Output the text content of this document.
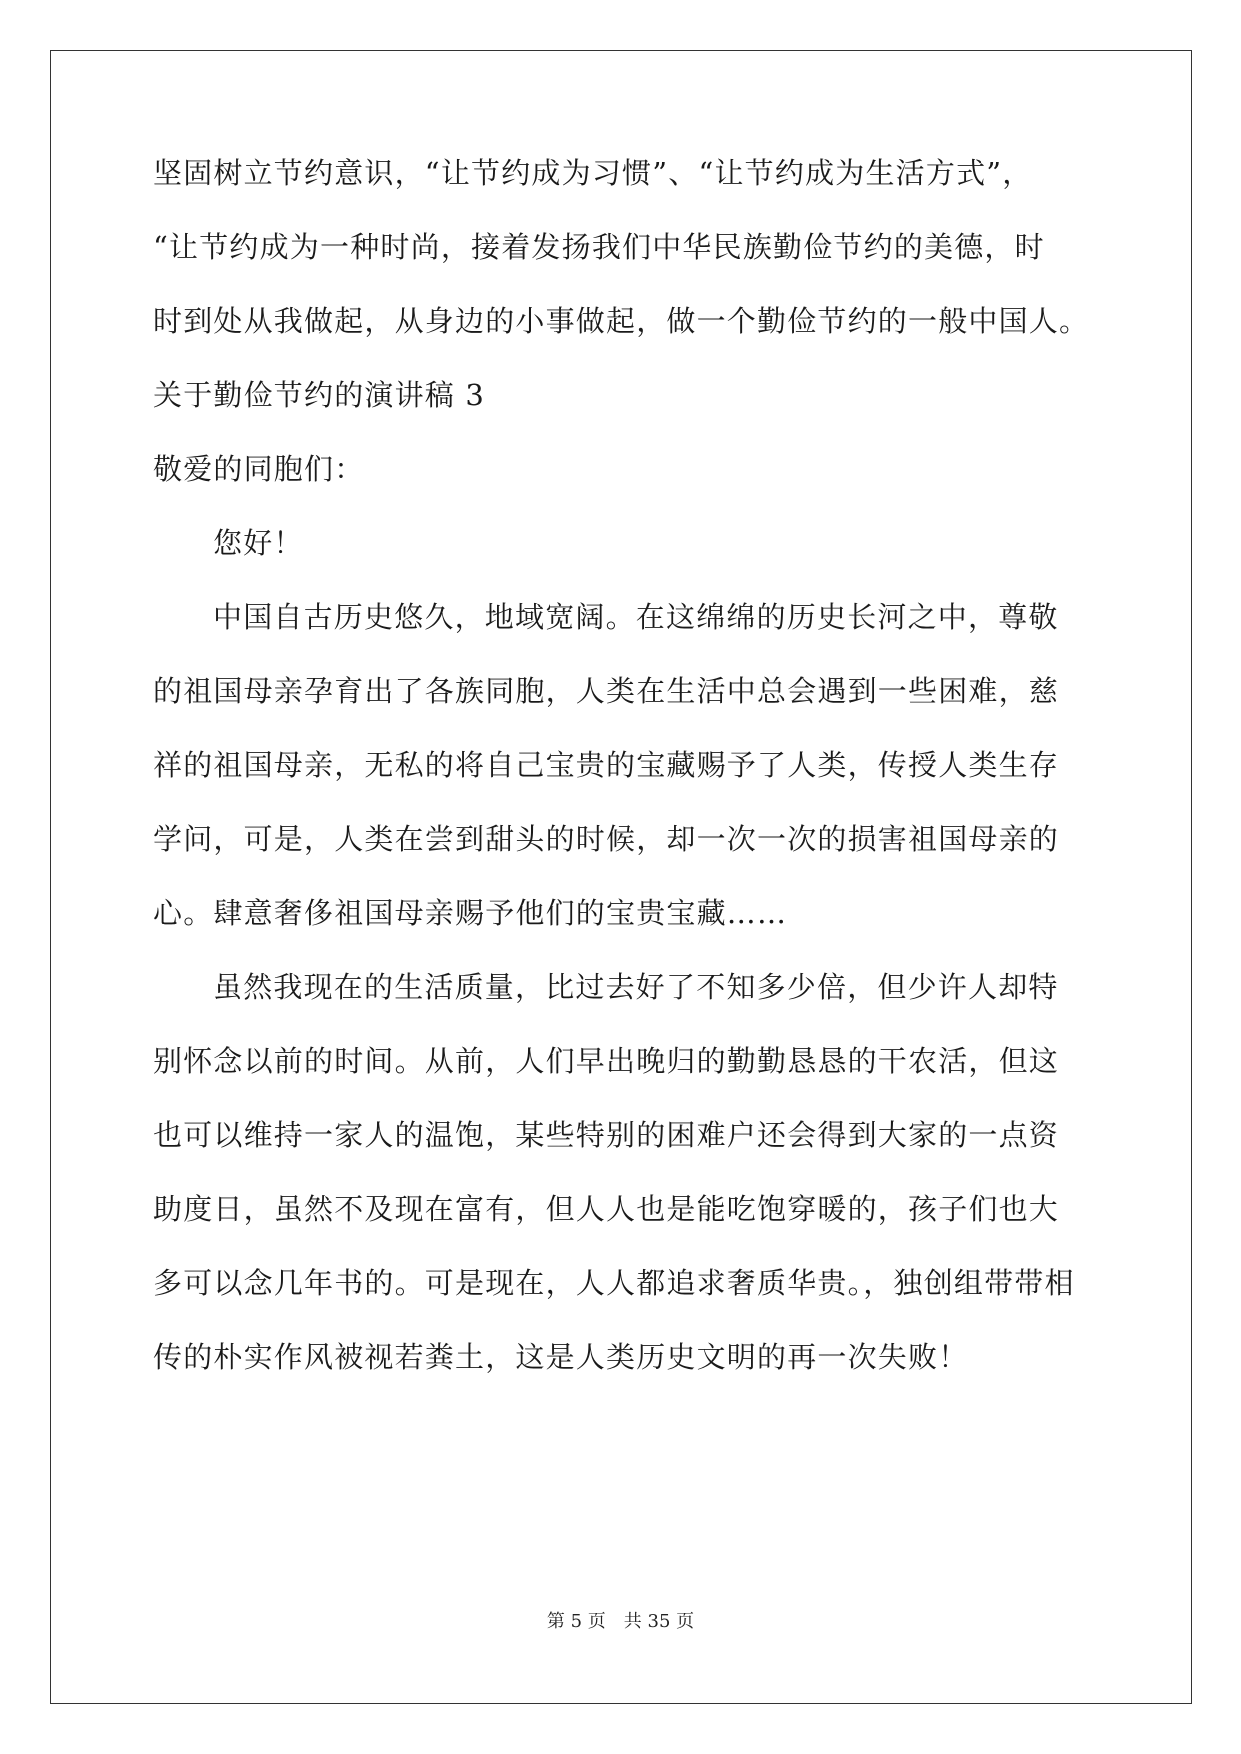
坚固树立节约意识，“让节约成为习惯”、“让节约成为生活方式”，
“让节约成为一种时尚，接着发扬我们中华民族勤俭节约的美德，时
时到处从我做起，从身边的小事做起，做一个勤俭节约的一般中国人。
关于勤俭节约的演讲稿 3
敬爱的同胞们：
您好！
中国自古历史悠久，地域宽阔。在这绵绵的历史长河之中，尊敬
的祖国母亲孕育出了各族同胞，人类在生活中总会遇到一些困难，慈
祥的祖国母亲，无私的将自己宝贵的宝藏赐予了人类，传授人类生存
学问，可是，人类在尝到甜头的时候，却一次一次的损害祖国母亲的
心。肆意奢侈祖国母亲赐予他们的宝贵宝藏……
虽然我现在的生活质量，比过去好了不知多少倍，但少许人却特
别怀念以前的时间。从前，人们早出晚归的勤勤恳恳的干农活，但这
也可以维持一家人的温饱，某些特别的困难户还会得到大家的一点资
助度日，虽然不及现在富有，但人人也是能吃饱穿暖的，孩子们也大
多可以念几年书的。可是现在，人人都追求奢质华贵。，独创组带带相
传的朴实作风被视若粪土，这是人类历史文明的再一次失败！
第 5 页 共 35 页
